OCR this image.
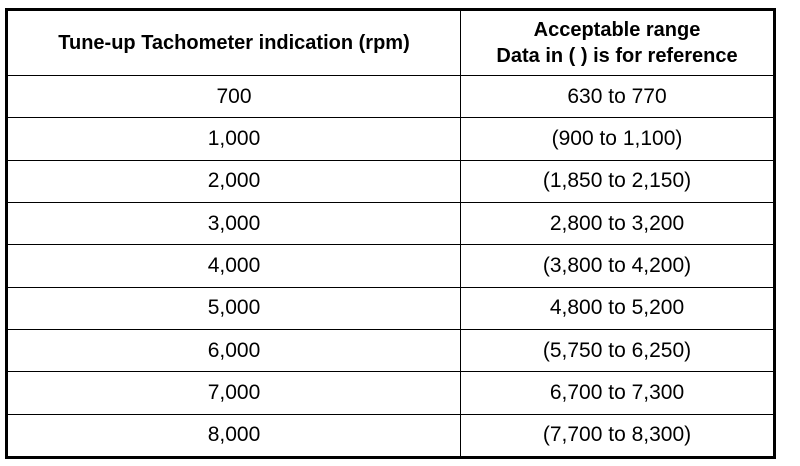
Tune-up Tachometer indication (rpm)	Acceptable range
Data in ( ) is for reference

700	630 to 770
1,000	(900 to 1,100)
2,000	(1,850 to 2,150)
3,000	2,800 to 3,200
4,000	(3,800 to 4,200)
5,000	4,800 to 5,200
6,000	(5,750 to 6,250)
7,000	6,700 to 7,300
8,000	(7,700 to 8,300)
